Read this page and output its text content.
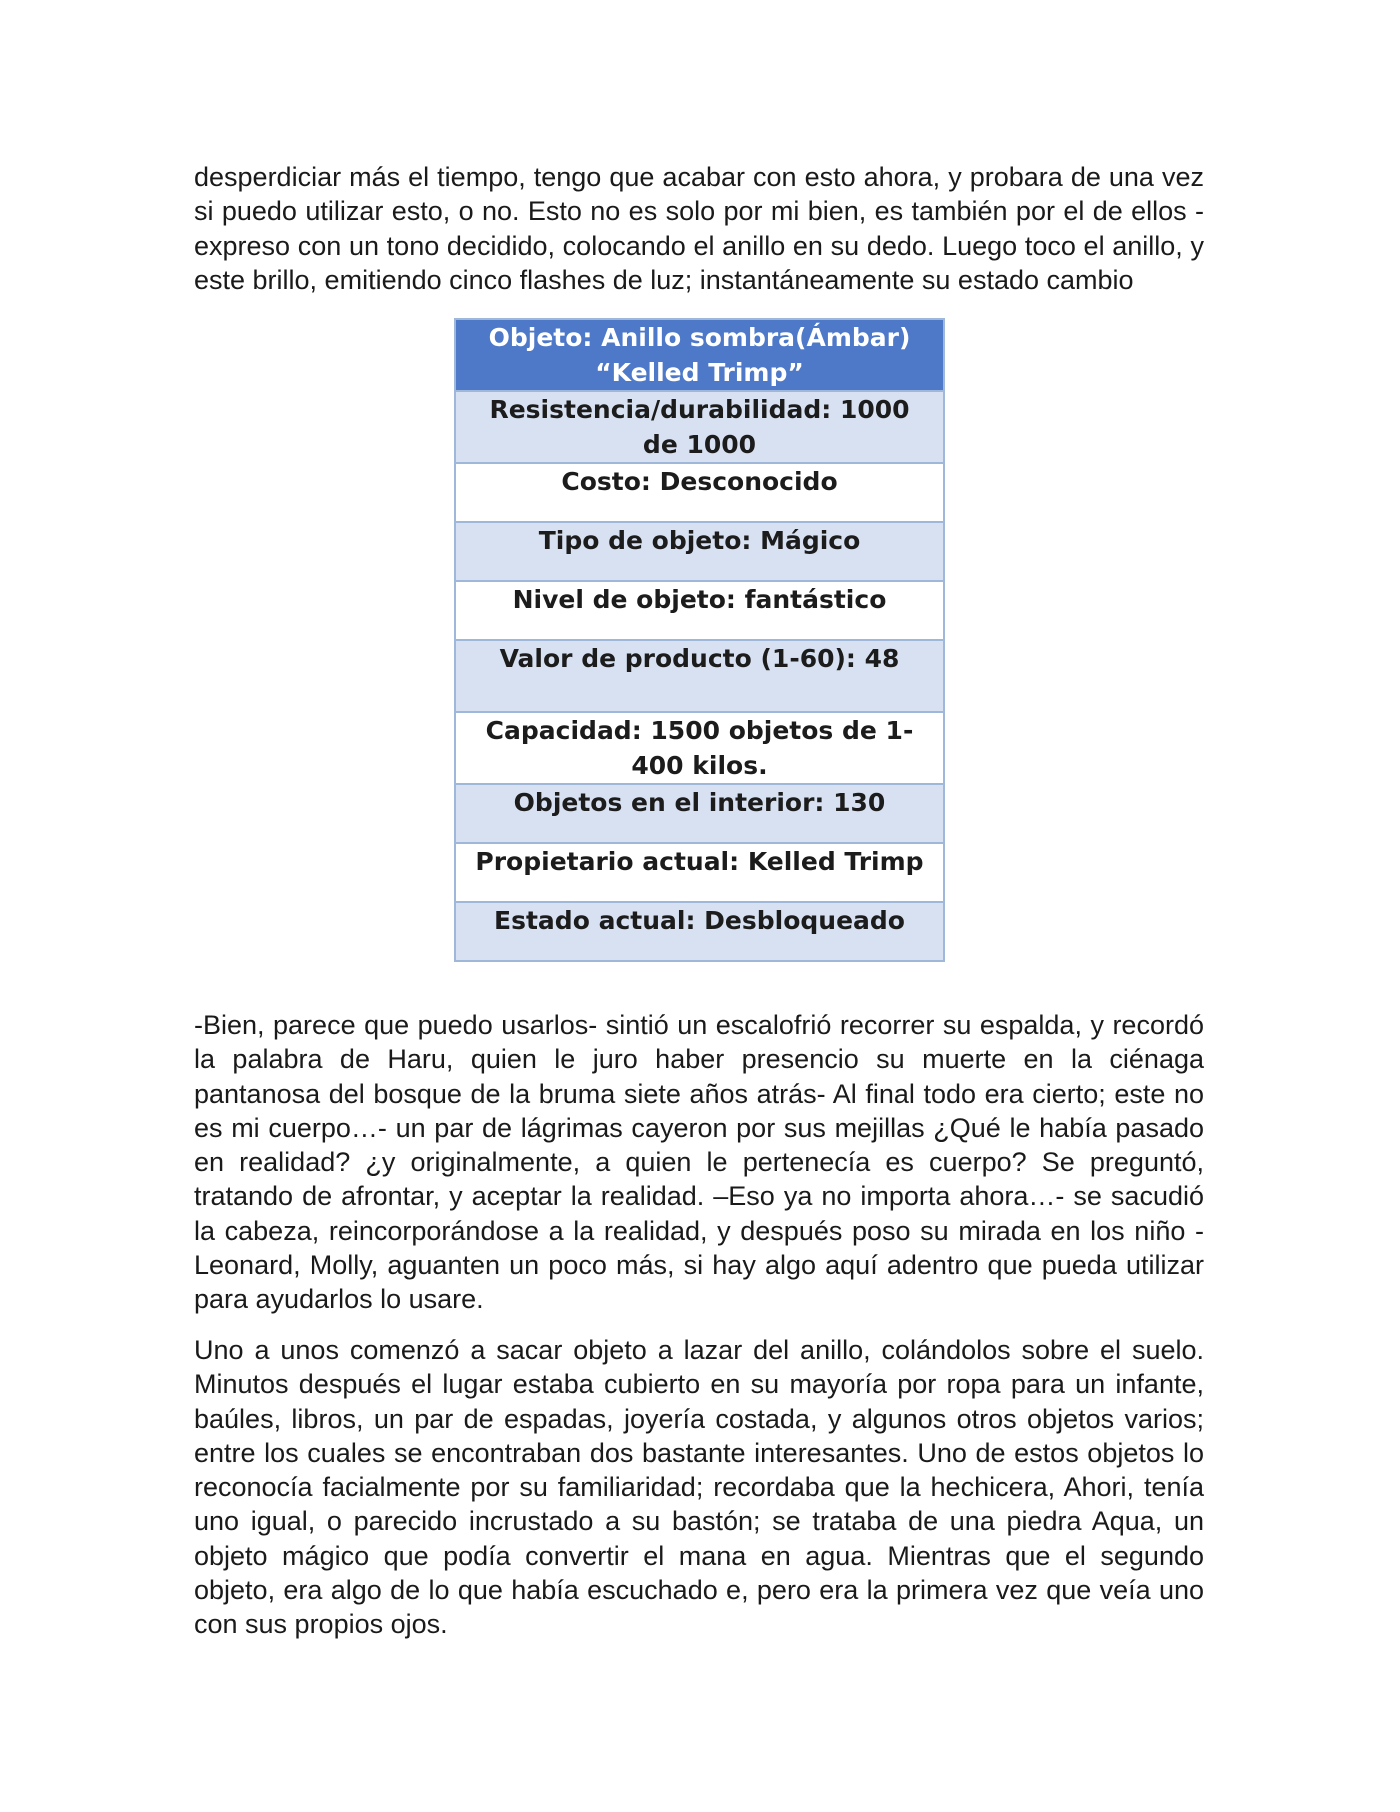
desperdiciar más el tiempo, tengo que acabar con esto ahora, y probara de una vez si puedo utilizar esto, o no. Esto no es solo por mi bien, es también por el de ellos - expreso con un tono decidido, colocando el anillo en su dedo. Luego toco el anillo, y este brillo, emitiendo cinco flashes de luz; instantáneamente su estado cambio

Objeto: Anillo sombra(Ámbar) “Kelled Trimp”
Resistencia/durabilidad: 1000 de 1000
Costo: Desconocido
Tipo de objeto: Mágico
Nivel de objeto: fantástico
Valor de producto (1-60): 48
Capacidad: 1500 objetos de 1-400 kilos.
Objetos en el interior: 130
Propietario actual: Kelled Trimp
Estado actual: Desbloqueado

-Bien, parece que puedo usarlos- sintió un escalofrió recorrer su espalda, y recordó la palabra de Haru, quien le juro haber presencio su muerte en la ciénaga pantanosa del bosque de la bruma siete años atrás- Al final todo era cierto; este no es mi cuerpo…- un par de lágrimas cayeron por sus mejillas ¿Qué le había pasado en realidad? ¿y originalmente, a quien le pertenecía es cuerpo? Se preguntó, tratando de afrontar, y aceptar la realidad. –Eso ya no importa ahora…- se sacudió la cabeza, reincorporándose a la realidad, y después poso su mirada en los niño - Leonard, Molly, aguanten un poco más, si hay algo aquí adentro que pueda utilizar para ayudarlos lo usare.

Uno a unos comenzó a sacar objeto a lazar del anillo, colándolos sobre el suelo. Minutos después el lugar estaba cubierto en su mayoría por ropa para un infante, baúles, libros, un par de espadas, joyería costada, y algunos otros objetos varios; entre los cuales se encontraban dos bastante interesantes. Uno de estos objetos lo reconocía facialmente por su familiaridad; recordaba que la hechicera, Ahori, tenía uno igual, o parecido incrustado a su bastón; se trataba de una piedra Aqua, un objeto mágico que podía convertir el mana en agua. Mientras que el segundo objeto, era algo de lo que había escuchado e, pero era la primera vez que veía uno con sus propios ojos.
